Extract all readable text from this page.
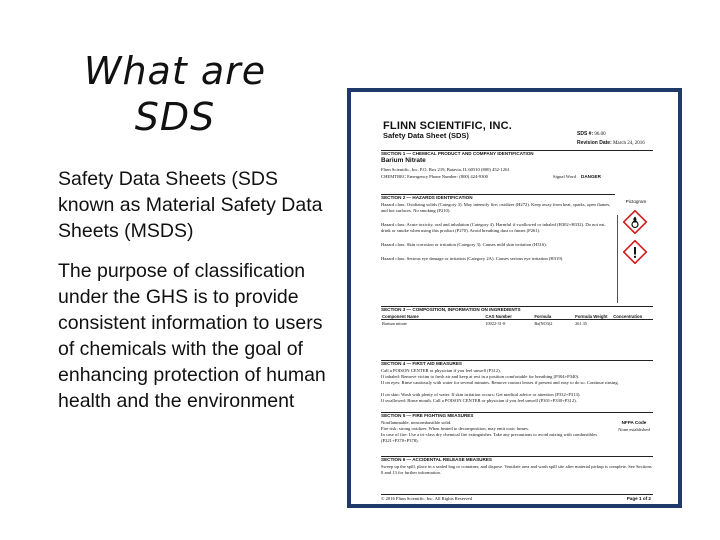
What are
SDS

Safety Data Sheets (SDS known as Material Safety Data Sheets (MSDS)

The purpose of classification under the GHS is to provide consistent information to users of chemicals with the goal of enhancing protection of human health and the environment

FLINN SCIENTIFIC, INC.
Safety Data Sheet (SDS)	SDS #: 96.00
Revision Date: March 24, 2016
SECTION 1 — CHEMICAL PRODUCT AND COMPANY IDENTIFICATION
Barium Nitrate
Flinn Scientific, Inc. P.O. Box 219, Batavia, IL 60510 (800) 452-1261
CHEMTREC Emergency Phone Number: (800) 424-9300	Signal Word	DANGER
SECTION 2 — HAZARDS IDENTIFICATION
Pictogram
Hazard class: Oxidizing solids (Category 3). May intensify fire; oxidizer (H272). Keep away from heat, sparks, open flames, and hot surfaces. No smoking (P210).
Hazard class: Acute toxicity, oral and inhalation (Category 4). Harmful if swallowed or inhaled (H302+H332). Do not eat, drink or smoke when using this product (P270). Avoid breathing dust or fumes (P261).
Hazard class: Skin corrosion or irritation (Category 3). Causes mild skin irritation (H316).
Hazard class: Serious eye damage or irritation (Category 2A). Causes serious eye irritation (H319).
SECTION 3 — COMPOSITION, INFORMATION ON INGREDIENTS
Component Name	CAS Number	Formula	Formula Weight	Concentration
Barium nitrate	10022-31-8	Ba(NO3)2	261.35	
SECTION 4 — FIRST AID MEASURES
Call a POISON CENTER or physician if you feel unwell (P312).
If inhaled: Remove victim to fresh air and keep at rest in a position comfortable for breathing (P304+P340).
If on eyes: Rinse cautiously with water for several minutes. Remove contact lenses if present and easy to do so. Continue rinsing.
If on skin: Wash with plenty of water. If skin irritation occurs: Get medical advice or attention (P332+P313).
If swallowed: Rinse mouth. Call a POISON CENTER or physician if you feel unwell (P301+P330+P312).
SECTION 5 — FIRE FIGHTING MEASURES
Nonflammable, noncombustible solid.
Fire risk: strong oxidizer. When heated to decomposition, may emit toxic fumes.
In case of fire: Use a tri-class dry chemical fire extinguisher. Take any precautions to avoid mixing with combustibles (P221+P370+P378).
NFPA Code
None established
SECTION 6 — ACCIDENTAL RELEASE MEASURES
Sweep up the spill, place in a sealed bag or container, and dispose. Ventilate area and wash spill site after material pickup is complete. See Sections 8 and 13 for further information.
© 2016 Flinn Scientific, Inc. All Rights Reserved	Page 1 of 2
